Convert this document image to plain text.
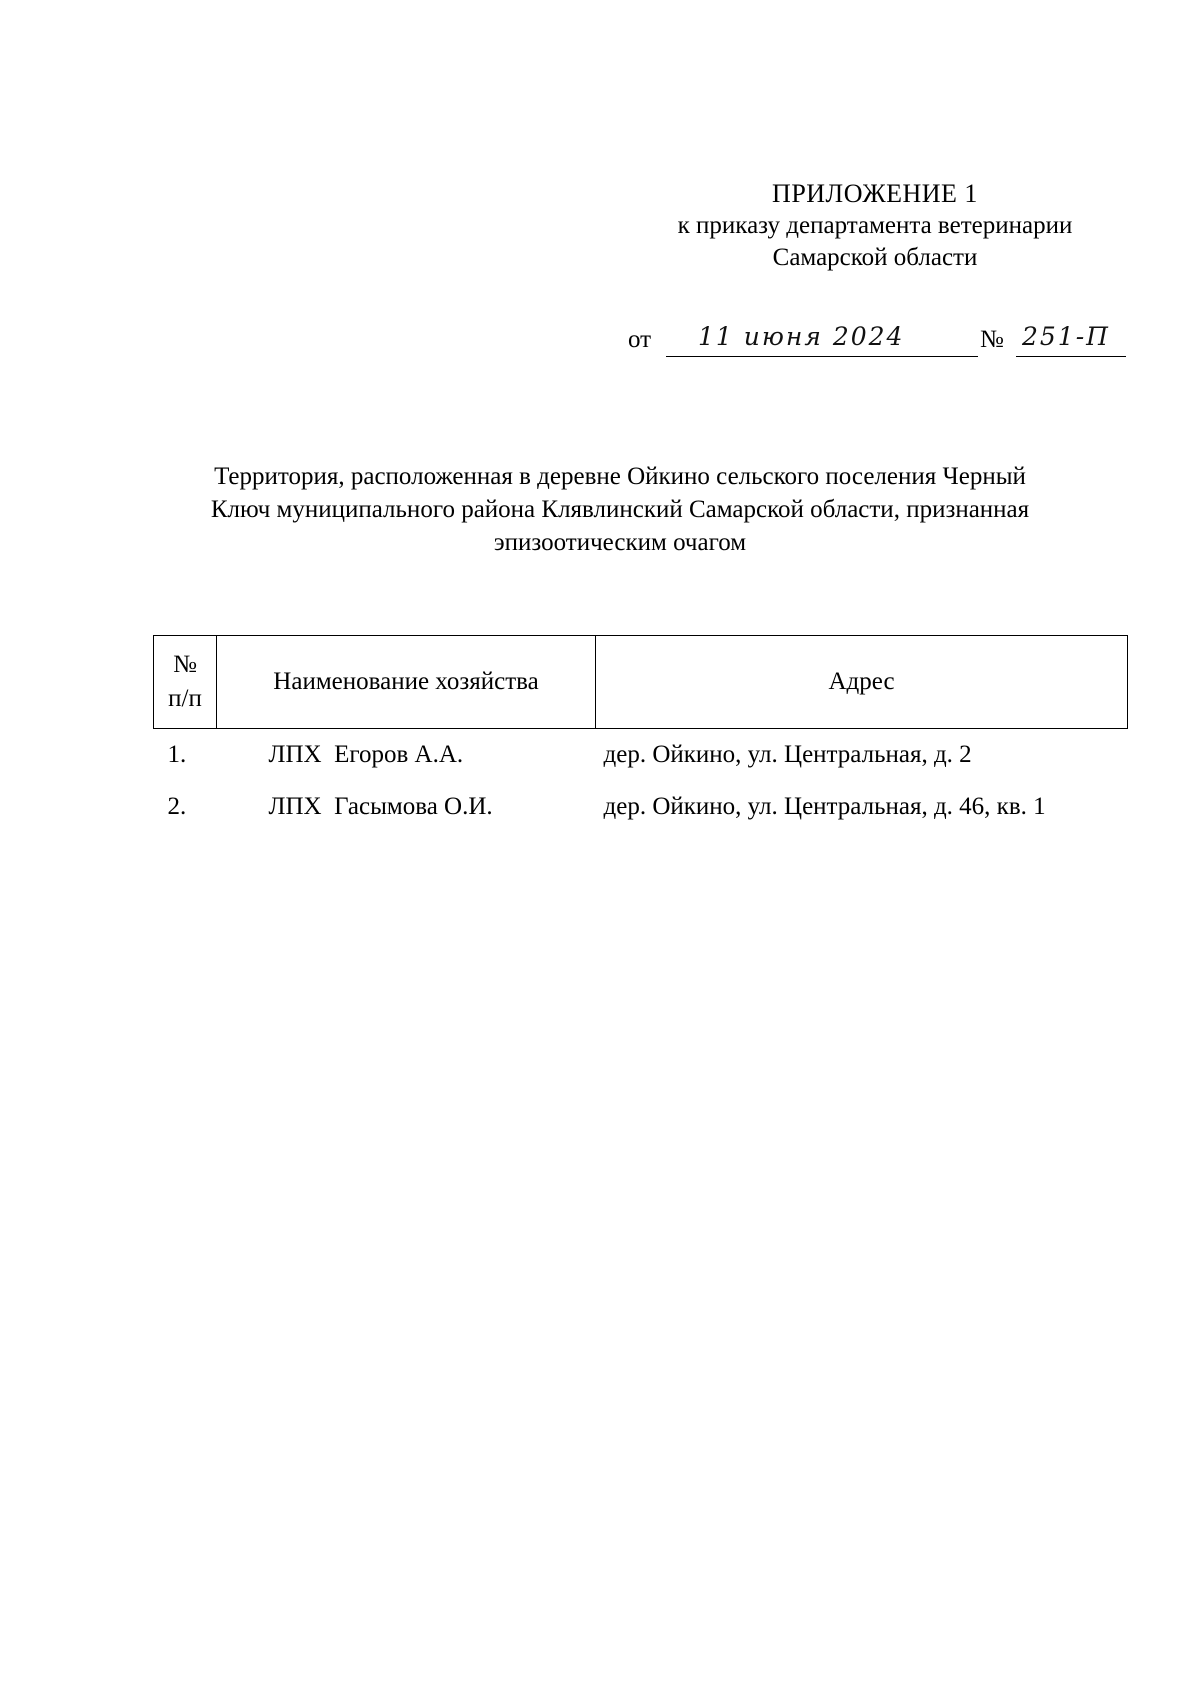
ПРИЛОЖЕНИЕ 1
к приказу департамента ветеринарии
Самарской области
от 11 июня 2024	№ 251-П
Территория, расположенная в деревне Ойкино сельского поселения Черный
Ключ муниципального района Клявлинский Самарской области, признанная
эпизоотическим очагом
№
п/п	Наименование хозяйства	Адрес
1.	ЛПХ Егоров А.А.	дер. Ойкино, ул. Центральная, д. 2
2.	ЛПХ Гасымова О.И.	дер. Ойкино, ул. Центральная, д. 46, кв. 1
